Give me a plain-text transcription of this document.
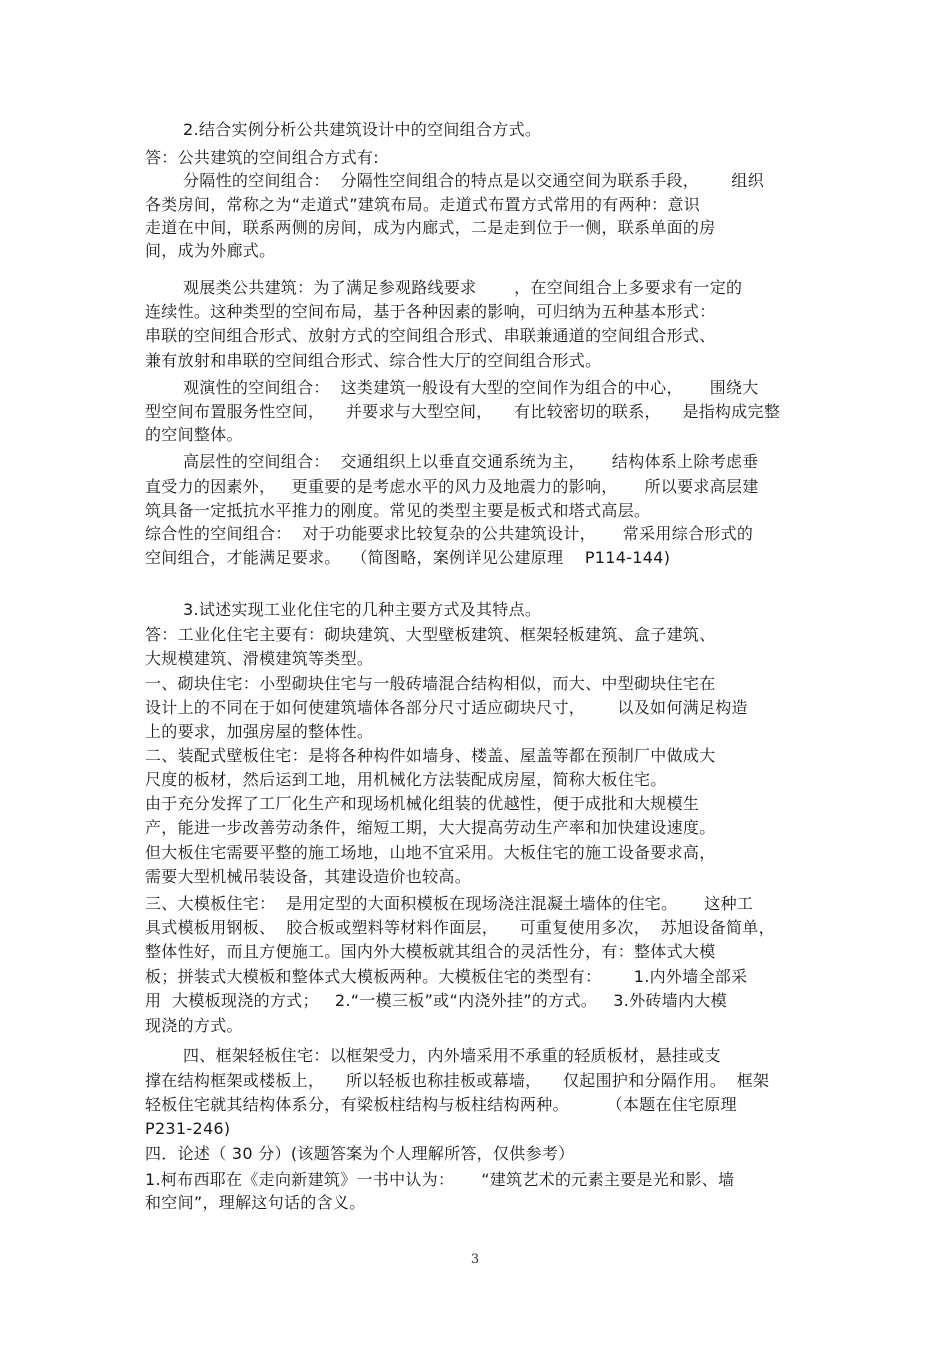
2.结合实例分析公共建筑设计中的空间组合方式。
答：公共建筑的空间组合方式有:
分隔性的空间组合：  分隔性空间组合的特点是以交通空间为联系手段，      组织
各类房间，常称之为“走道式”建筑布局。走道式布置方式常用的有两种：意识
走道在中间，联系两侧的房间，成为内廊式，二是走到位于一侧，联系单面的房
间，成为外廊式。
观展类公共建筑：为了满足参观路线要求       ，在空间组合上多要求有一定的
连续性。这种类型的空间布局，基于各种因素的影响，可归纳为五种基本形式：
串联的空间组合形式、放射方式的空间组合形式、串联兼通道的空间组合形式、
兼有放射和串联的空间组合形式、综合性大厅的空间组合形式。
观演性的空间组合：  这类建筑一般设有大型的空间作为组合的中心，     围绕大
型空间布置服务性空间，    并要求与大型空间，    有比较密切的联系，    是指构成完整
的空间整体。
高层性的空间组合：  交通组织上以垂直交通系统为主，     结构体系上除考虑垂
直受力的因素外，   更重要的是考虑水平的风力及地震力的影响，     所以要求高层建
筑具备一定抵抗水平推力的刚度。常见的类型主要是板式和塔式高层。
综合性的空间组合：  对于功能要求比较复杂的公共建筑设计，     常采用综合形式的
空间组合，才能满足要求。  （简图略，案例详见公建原理    P114-144)
3.试述实现工业化住宅的几种主要方式及其特点。
答：工业化住宅主要有：砌块建筑、大型壁板建筑、框架轻板建筑、盒子建筑、
大规模建筑、滑模建筑等类型。
一、砌块住宅：小型砌块住宅与一般砖墙混合结构相似，而大、中型砌块住宅在
设计上的不同在于如何使建筑墙体各部分尺寸适应砌块尺寸，      以及如何满足构造
上的要求，加强房屋的整体性。
二、装配式壁板住宅：是将各种构件如墙身、楼盖、屋盖等都在预制厂中做成大
尺度的板材，然后运到工地，用机械化方法装配成房屋，简称大板住宅。
由于充分发挥了工厂化生产和现场机械化组装的优越性，便于成批和大规模生
产，能进一步改善劳动条件，缩短工期，大大提高劳动生产率和加快建设速度。
但大板住宅需要平整的施工场地，山地不宜采用。大板住宅的施工设备要求高，
需要大型机械吊装设备，其建设造价也较高。
三、大模板住宅：  是用定型的大面积模板在现场浇注混凝土墙体的住宅。     这种工
具式模板用钢板、  胶合板或塑料等材料作面层，    可重复使用多次，  苏旭设备简单，
整体性好，而且方便施工。国内外大模板就其组合的灵活性分，有：整体式大模
板；拼装式大模板和整体式大模板两种。大模板住宅的类型有：      1.内外墙全部采
用  大模板现浇的方式；   2.“一模三板”或“内浇外挂”的方式。   3.外砖墙内大模
现浇的方式。
四、框架轻板住宅：以框架受力，内外墙采用不承重的轻质板材，悬挂或支
撑在结构框架或楼板上，    所以轻板也称挂板或幕墙，    仅起围护和分隔作用。  框架
轻板住宅就其结构体系分，有梁板柱结构与板柱结构两种。       （本题在住宅原理
P231-246)
四．论述（ 30 分）(该题答案为个人理解所答，仅供参考）
1.柯布西耶在《走向新建筑》一书中认为：     “建筑艺术的元素主要是光和影、墙
和空间”，理解这句话的含义。
3
